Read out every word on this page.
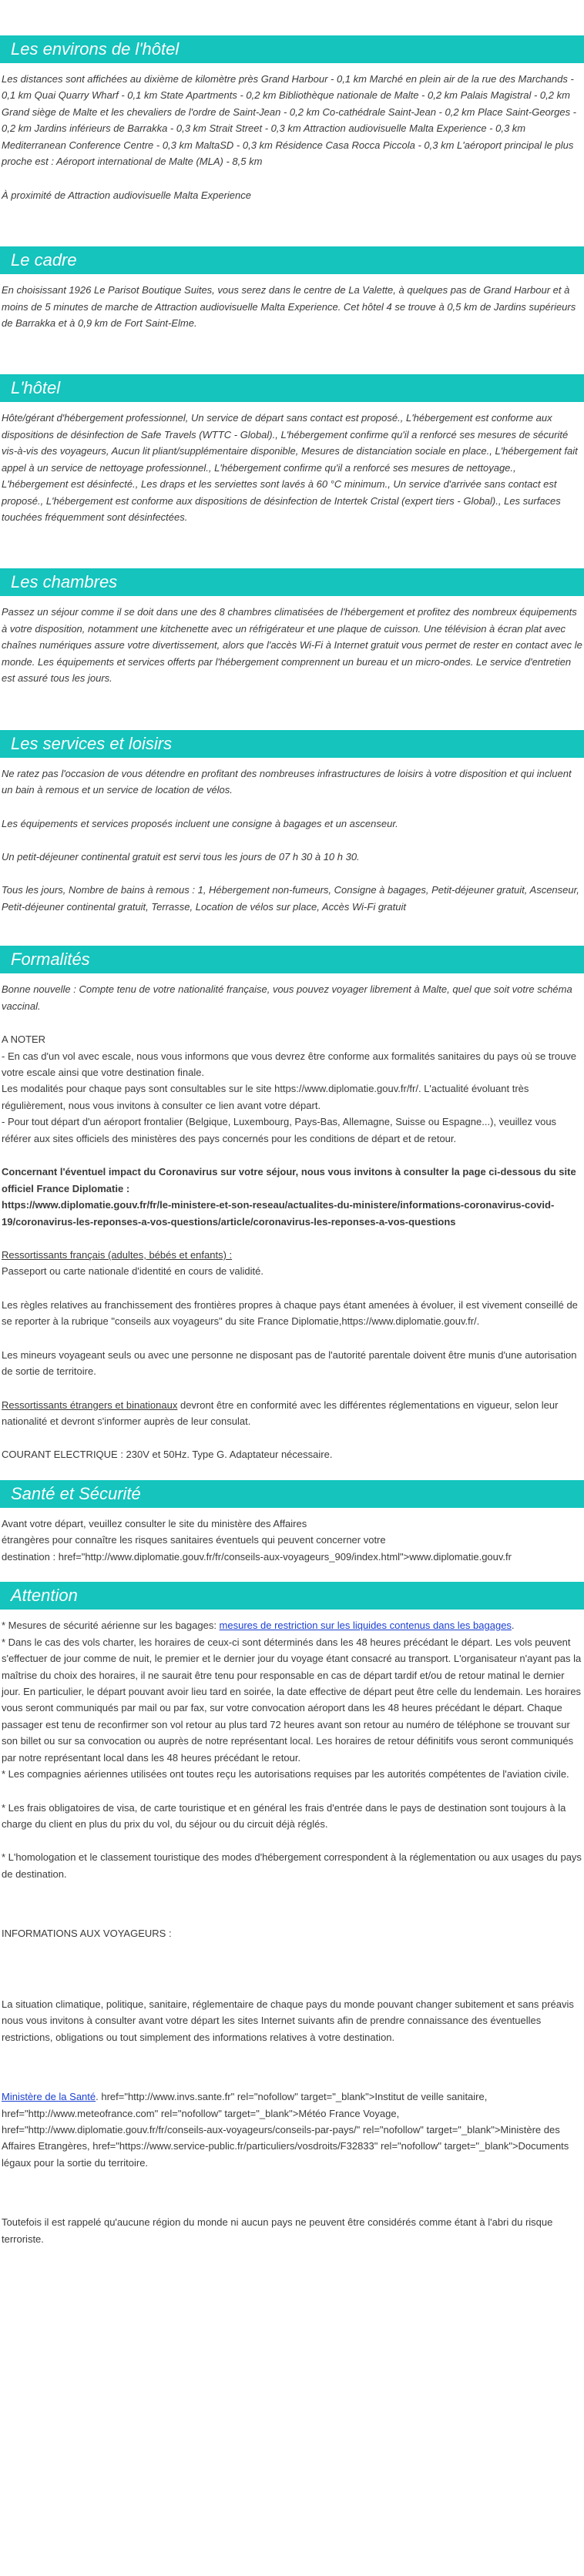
Les environs de l'hôtel

Les distances sont affichées au dixième de kilomètre près Grand Harbour - 0,1 km Marché en plein air de la rue des Marchands - 0,1 km Quai Quarry Wharf - 0,1 km State Apartments - 0,2 km Bibliothèque nationale de Malte - 0,2 km Palais Magistral - 0,2 km Grand siège de Malte et les chevaliers de l'ordre de Saint-Jean - 0,2 km Co-cathédrale Saint-Jean - 0,2 km Place Saint-Georges - 0,2 km Jardins inférieurs de Barrakka - 0,3 km Strait Street - 0,3 km Attraction audiovisuelle Malta Experience - 0,3 km Mediterranean Conference Centre - 0,3 km MaltaSD - 0,3 km Résidence Casa Rocca Piccola - 0,3 km L'aéroport principal le plus proche est : Aéroport international de Malte (MLA) - 8,5 km

À proximité de Attraction audiovisuelle Malta Experience

Le cadre

En choisissant 1926 Le Parisot Boutique Suites, vous serez dans le centre de La Valette, à quelques pas de Grand Harbour et à moins de 5 minutes de marche de Attraction audiovisuelle Malta Experience. Cet hôtel 4 se trouve à 0,5 km de Jardins supérieurs de Barrakka et à 0,9 km de Fort Saint-Elme.

L'hôtel

Hôte/gérant d'hébergement professionnel, Un service de départ sans contact est proposé., L'hébergement est conforme aux dispositions de désinfection de Safe Travels (WTTC - Global)., L'hébergement confirme qu'il a renforcé ses mesures de sécurité vis-à-vis des voyageurs, Aucun lit pliant/supplémentaire disponible, Mesures de distanciation sociale en place., L'hébergement fait appel à un service de nettoyage professionnel., L'hébergement confirme qu'il a renforcé ses mesures de nettoyage., L'hébergement est désinfecté., Les draps et les serviettes sont lavés à 60 °C minimum., Un service d'arrivée sans contact est proposé., L'hébergement est conforme aux dispositions de désinfection de Intertek Cristal (expert tiers - Global)., Les surfaces touchées fréquemment sont désinfectées.

Les chambres

Passez un séjour comme il se doit dans une des 8 chambres climatisées de l'hébergement et profitez des nombreux équipements à votre disposition, notamment une kitchenette avec un réfrigérateur et une plaque de cuisson. Une télévision à écran plat avec chaînes numériques assure votre divertissement, alors que l'accès Wi-Fi à Internet gratuit vous permet de rester en contact avec le monde. Les équipements et services offerts par l'hébergement comprennent un bureau et un micro-ondes. Le service d'entretien est assuré tous les jours.

Les services et loisirs

Ne ratez pas l'occasion de vous détendre en profitant des nombreuses infrastructures de loisirs à votre disposition et qui incluent un bain à remous et un service de location de vélos.

Les équipements et services proposés incluent une consigne à bagages et un ascenseur.

Un petit-déjeuner continental gratuit est servi tous les jours de 07 h 30 à 10 h 30.

Tous les jours, Nombre de bains à remous : 1, Hébergement non-fumeurs, Consigne à bagages, Petit-déjeuner gratuit, Ascenseur, Petit-déjeuner continental gratuit, Terrasse, Location de vélos sur place, Accès Wi-Fi gratuit

Formalités

Bonne nouvelle : Compte tenu de votre nationalité française, vous pouvez voyager librement à Malte, quel que soit votre schéma vaccinal.

A NOTER
- En cas d'un vol avec escale, nous vous informons que vous devrez être conforme aux formalités sanitaires du pays où se trouve votre escale ainsi que votre destination finale.
Les modalités pour chaque pays sont consultables sur le site https://www.diplomatie.gouv.fr/fr/. L'actualité évoluant très régulièrement, nous vous invitons à consulter ce lien avant votre départ.
- Pour tout départ d'un aéroport frontalier (Belgique, Luxembourg, Pays-Bas, Allemagne, Suisse ou Espagne...), veuillez vous référer aux sites officiels des ministères des pays concernés pour les conditions de départ et de retour.

Concernant l'éventuel impact du Coronavirus sur votre séjour, nous vous invitons à consulter la page ci-dessous du site officiel France Diplomatie :
https://www.diplomatie.gouv.fr/fr/le-ministere-et-son-reseau/actualites-du-ministere/informations-coronavirus-covid-19/coronavirus-les-reponses-a-vos-questions/article/coronavirus-les-reponses-a-vos-questions

Ressortissants français (adultes, bébés et enfants) :
Passeport ou carte nationale d'identité en cours de validité.

Les règles relatives au franchissement des frontières propres à chaque pays étant amenées à évoluer, il est vivement conseillé de se reporter à la rubrique "conseils aux voyageurs" du site France Diplomatie,https://www.diplomatie.gouv.fr/.

Les mineurs voyageant seuls ou avec une personne ne disposant pas de l'autorité parentale doivent être munis d'une autorisation de sortie de territoire.

Ressortissants étrangers et binationaux devront être en conformité avec les différentes réglementations en vigueur, selon leur nationalité et devront s'informer auprès de leur consulat.

COURANT ELECTRIQUE : 230V et 50Hz. Type G. Adaptateur nécessaire.

Santé et Sécurité

Avant votre départ, veuillez consulter le site du ministère des Affaires
étrangères pour connaître les risques sanitaires éventuels qui peuvent concerner votre
destination : href="http://www.diplomatie.gouv.fr/fr/conseils-aux-voyageurs_909/index.html">www.diplomatie.gouv.fr

Attention

* Mesures de sécurité aérienne sur les bagages: mesures de restriction sur les liquides contenus dans les bagages.
* Dans le cas des vols charter, les horaires de ceux-ci sont déterminés dans les 48 heures précédant le départ. Les vols peuvent s'effectuer de jour comme de nuit, le premier et le dernier jour du voyage étant consacré au transport. L'organisateur n'ayant pas la maîtrise du choix des horaires, il ne saurait être tenu pour responsable en cas de départ tardif et/ou de retour matinal le dernier jour. En particulier, le départ pouvant avoir lieu tard en soirée, la date effective de départ peut être celle du lendemain. Les horaires vous seront communiqués par mail ou par fax, sur votre convocation aéroport dans les 48 heures précédant le départ. Chaque passager est tenu de reconfirmer son vol retour au plus tard 72 heures avant son retour au numéro de téléphone se trouvant sur son billet ou sur sa convocation ou auprès de notre représentant local. Les horaires de retour définitifs vous seront communiqués par notre représentant local dans les 48 heures précédant le retour.
* Les compagnies aériennes utilisées ont toutes reçu les autorisations requises par les autorités compétentes de l'aviation civile.

* Les frais obligatoires de visa, de carte touristique et en général les frais d'entrée dans le pays de destination sont toujours à la charge du client en plus du prix du vol, du séjour ou du circuit déjà réglés.

* L'homologation et le classement touristique des modes d'hébergement correspondent à la réglementation ou aux usages du pays de destination.

INFORMATIONS AUX VOYAGEURS :

La situation climatique, politique, sanitaire, réglementaire de chaque pays du monde pouvant changer subitement et sans préavis
nous vous invitons à consulter avant votre départ les sites Internet suivants afin de prendre connaissance des éventuelles restrictions, obligations ou tout simplement des informations relatives à votre destination.

Ministère de la Santé. href="http://www.invs.sante.fr" rel="nofollow" target="_blank">Institut de veille sanitaire, href="http://www.meteofrance.com" rel="nofollow" target="_blank">Météo France Voyage, href="http://www.diplomatie.gouv.fr/fr/conseils-aux-voyageurs/conseils-par-pays/" rel="nofollow" target="_blank">Ministère des Affaires Etrangères, href="https://www.service-public.fr/particuliers/vosdroits/F32833" rel="nofollow" target="_blank">Documents légaux pour la sortie du territoire.

Toutefois il est rappelé qu'aucune région du monde ni aucun pays ne peuvent être considérés comme étant à l'abri du risque terroriste.
